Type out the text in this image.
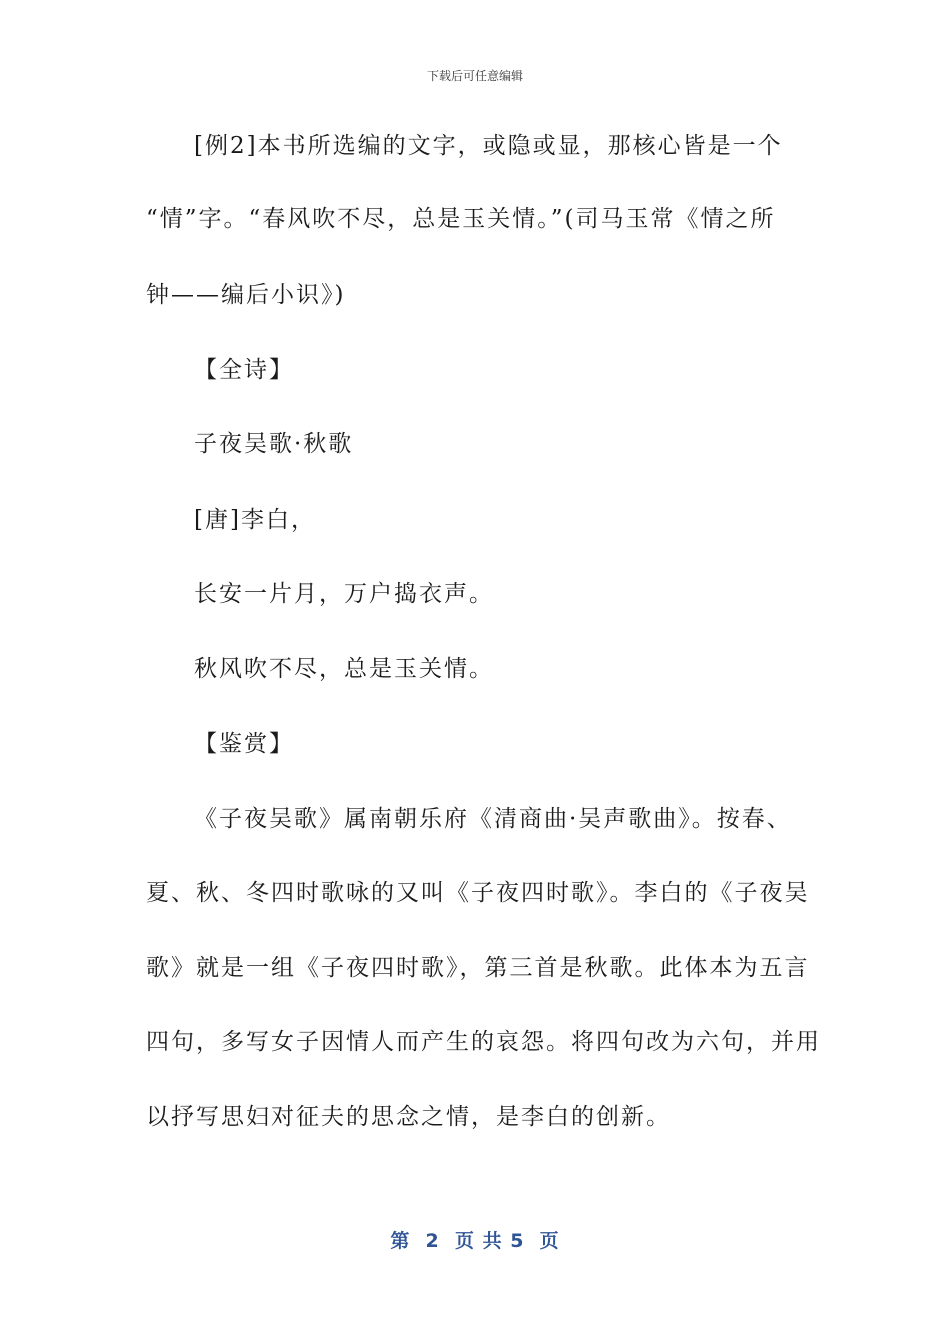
下载后可任意编辑
[例2]本书所选编的文字，或隐或显，那核心皆是一个
“情”字。“春风吹不尽，总是玉关情。”(司马玉常《情之所
钟——编后小识》)
【全诗】
子夜吴歌·秋歌
[唐]李白，
长安一片月，万户捣衣声。
秋风吹不尽，总是玉关情。
【鉴赏】
《子夜吴歌》属南朝乐府《清商曲·吴声歌曲》。按春、
夏、秋、冬四时歌咏的又叫《子夜四时歌》。李白的《子夜吴
歌》就是一组《子夜四时歌》，第三首是秋歌。此体本为五言
四句，多写女子因情人而产生的哀怨。将四句改为六句，并用
以抒写思妇对征夫的思念之情，是李白的创新。
第  2  页 共 5  页
